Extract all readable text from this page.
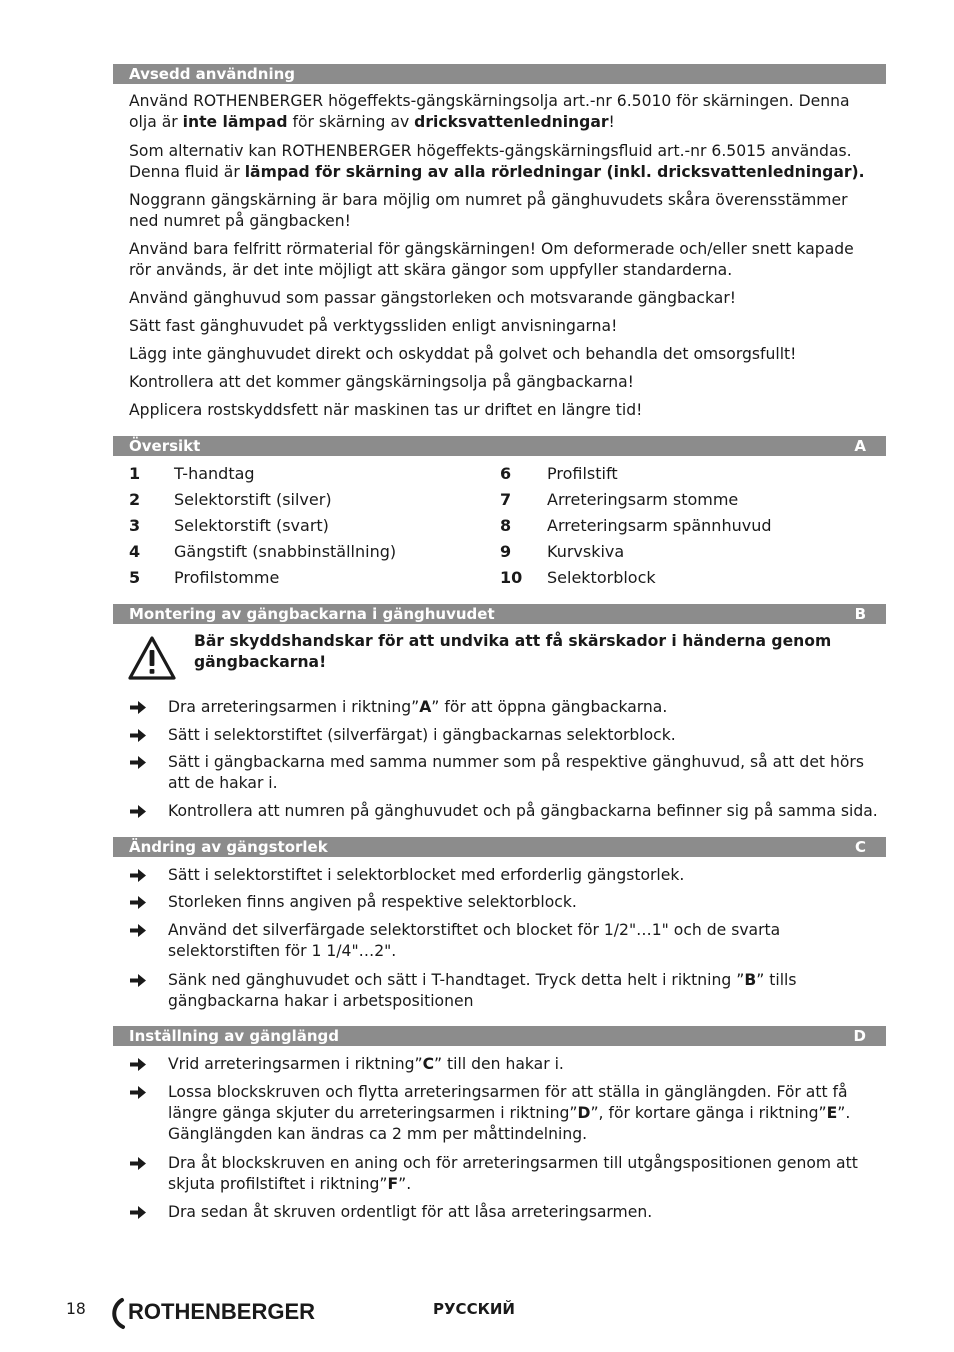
Avsedd användning

Använd ROTHENBERGER högeffekts-gängskärningsolja art.-nr 6.5010 för skärningen. Denna olja är inte lämpad för skärning av dricksvattenledningar!

Som alternativ kan ROTHENBERGER högeffekts-gängskärningsfluid art.-nr 6.5015 användas. Denna fluid är lämpad för skärning av alla rörledningar (inkl. dricksvattenledningar).

Noggrann gängskärning är bara möjlig om numret på gänghuvudets skåra överensstämmer ned numret på gängbacken!

Använd bara felfritt rörmaterial för gängskärningen! Om deformerade och/eller snett kapade rör används, är det inte möjligt att skära gängor som uppfyller standarderna.

Använd gänghuvud som passar gängstorleken och motsvarande gängbackar!

Sätt fast gänghuvudet på verktygssliden enligt anvisningarna!

Lägg inte gänghuvudet direkt och oskyddat på golvet och behandla det omsorgsfullt!

Kontrollera att det kommer gängskärningsolja på gängbackarna!

Applicera rostskyddsfett när maskinen tas ur driftet en längre tid!

Översikt	A
1 T-handtag
2 Selektorstift (silver)
3 Selektorstift (svart)
4 Gängstift (snabbinställning)
5 Profilstomme
6 Profilstift
7 Arreteringsarm stomme
8 Arreteringsarm spännhuvud
9 Kurvskiva
10 Selektorblock
Montering av gängbackarna i gänghuvudet	B

Bär skyddshandskar för att undvika att få skärskador i händerna genom gängbackarna!

Dra arreteringsarmen i riktning”A” för att öppna gängbackarna.
Sätt i selektorstiftet (silverfärgat) i gängbackarnas selektorblock.
Sätt i gängbackarna med samma nummer som på respektive gänghuvud, så att det hörs att de hakar i.
Kontrollera att numren på gänghuvudet och på gängbackarna befinner sig på samma sida.
Ändring av gängstorlek	C
Sätt i selektorstiftet i selektorblocket med erforderlig gängstorlek.
Storleken finns angiven på respektive selektorblock.
Använd det silverfärgade selektorstiftet och blocket för 1/2"…1" och de svarta selektorstiften för 1 1/4"…2".
Sänk ned gänghuvudet och sätt i T-handtaget. Tryck detta helt i riktning ”B” tills gängbackarna hakar i arbetspositionen
Inställning av gänglängd	D
Vrid arreteringsarmen i riktning”C” till den hakar i.
Lossa blockskruven och flytta arreteringsarmen för att ställa in gänglängden. För att få längre gänga skjuter du arreteringsarmen i riktning”D”, för kortare gänga i riktning”E”. Gänglängden kan ändras ca 2 mm per måttindelning.
Dra åt blockskruven en aning och för arreteringsarmen till utgångspositionen genom att skjuta profilstiftet i riktning”F”.
Dra sedan åt skruven ordentligt för att låsa arreteringsarmen.
18 ROTHENBERGER	РУССКИЙ
